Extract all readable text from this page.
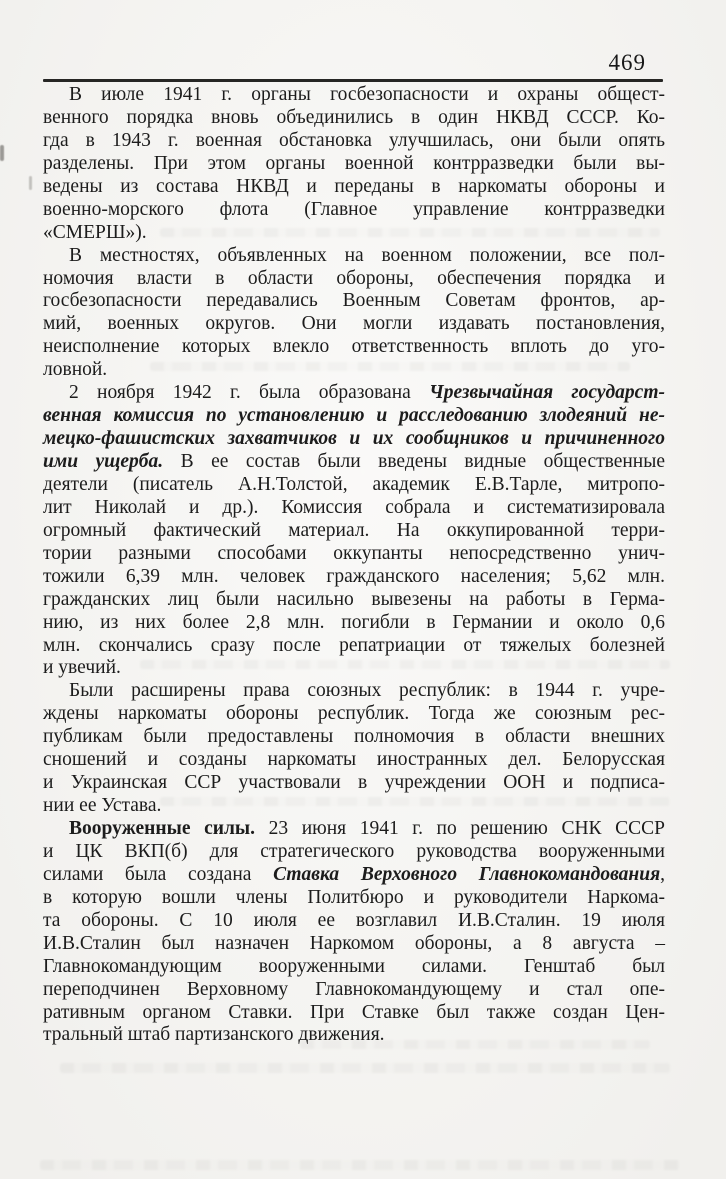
469
В июле 1941 г. органы госбезопасности и охраны общест-
венного порядка вновь объединились в один НКВД СССР. Ко-
гда в 1943 г. военная обстановка улучшилась, они были опять
разделены. При этом органы военной контрразведки были вы-
ведены из состава НКВД и переданы в наркоматы обороны и
военно-морского флота (Главное управление контрразведки
«СМЕРШ»).
В местностях, объявленных на военном положении, все пол-
номочия власти в области обороны, обеспечения порядка и
госбезопасности передавались Военным Советам фронтов, ар-
мий, военных округов. Они могли издавать постановления,
неисполнение которых влекло ответственность вплоть до уго-
ловной.
2 ноября 1942 г. была образована Чрезвычайная государст-
венная комиссия по установлению и расследованию злодеяний не-
мецко-фашистских захватчиков и их сообщников и причиненного
ими ущерба. В ее состав были введены видные общественные
деятели (писатель А.Н.Толстой, академик Е.В.Тарле, митропо-
лит Николай и др.). Комиссия собрала и систематизировала
огромный фактический материал. На оккупированной терри-
тории разными способами оккупанты непосредственно унич-
тожили 6,39 млн. человек гражданского населения; 5,62 млн.
гражданских лиц были насильно вывезены на работы в Герма-
нию, из них более 2,8 млн. погибли в Германии и около 0,6
млн. скончались сразу после репатриации от тяжелых болезней
и увечий.
Были расширены права союзных республик: в 1944 г. учре-
ждены наркоматы обороны республик. Тогда же союзным рес-
публикам были предоставлены полномочия в области внешних
сношений и созданы наркоматы иностранных дел. Белорусская
и Украинская ССР участвовали в учреждении ООН и подписа-
нии ее Устава.
Вооруженные силы. 23 июня 1941 г. по решению СНК СССР
и ЦК ВКП(б) для стратегического руководства вооруженными
силами была создана Ставка Верховного Главнокомандования,
в которую вошли члены Политбюро и руководители Наркома-
та обороны. С 10 июля ее возглавил И.В.Сталин. 19 июля
И.В.Сталин был назначен Наркомом обороны, а 8 августа –
Главнокомандующим вооруженными силами. Генштаб был
переподчинен Верховному Главнокомандующему и стал опе-
ративным органом Ставки. При Ставке был также создан Цен-
тральный штаб партизанского движения.
